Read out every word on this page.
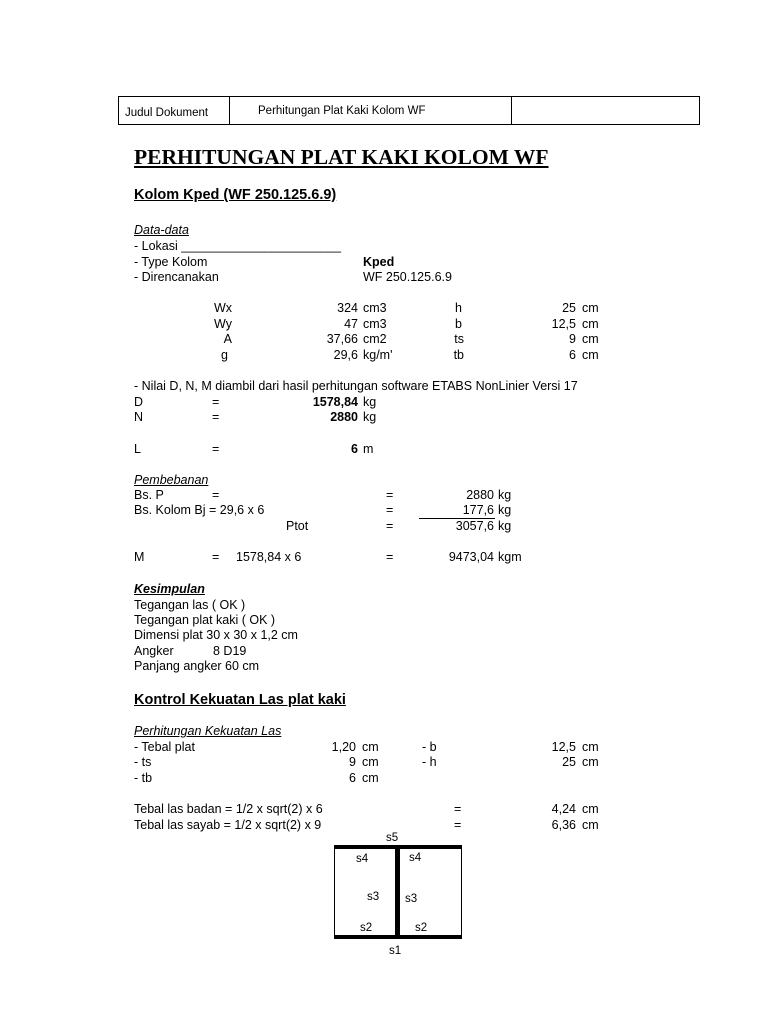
Judul Dokument	Perhitungan Plat Kaki Kolom WF
PERHITUNGAN PLAT KAKI KOLOM WF
Kolom Kped (WF 250.125.6.9)
Data-data
- Lokasi _______________________
- Type Kolom	Kped
- Direncanakan	WF 250.125.6.9
Wx	324 cm3	h	25 cm
Wy	47 cm3	b	12,5 cm
A	37,66 cm2	ts	9 cm
g	29,6 kg/m'	tb	6 cm
- Nilai D, N, M diambil dari hasil perhitungan software ETABS NonLinier Versi 17
D	=	1578,84 kg
N	=	2880 kg
L	=	6 m
Pembebanan
Bs. P	=	=	2880 kg
Bs. Kolom Bj = 29,6 x 6	=	177,6 kg
Ptot	=	3057,6 kg
M	= 1578,84 x 6	=	9473,04 kgm
Kesimpulan
Tegangan las ( OK )
Tegangan plat kaki ( OK )
Dimensi plat 30 x 30 x 1,2 cm
Angker	8 D19
Panjang angker 60 cm
Kontrol Kekuatan Las plat kaki
Perhitungan Kekuatan Las
- Tebal plat	1,20 cm	- b	12,5 cm
- ts	9 cm	- h	25 cm
- tb	6 cm
Tebal las badan = 1/2 x sqrt(2) x 6	=	4,24 cm
Tebal las sayab = 1/2 x sqrt(2) x 9	=	6,36 cm
s5
s4	s4
s3 s3
s2	s2
s1
